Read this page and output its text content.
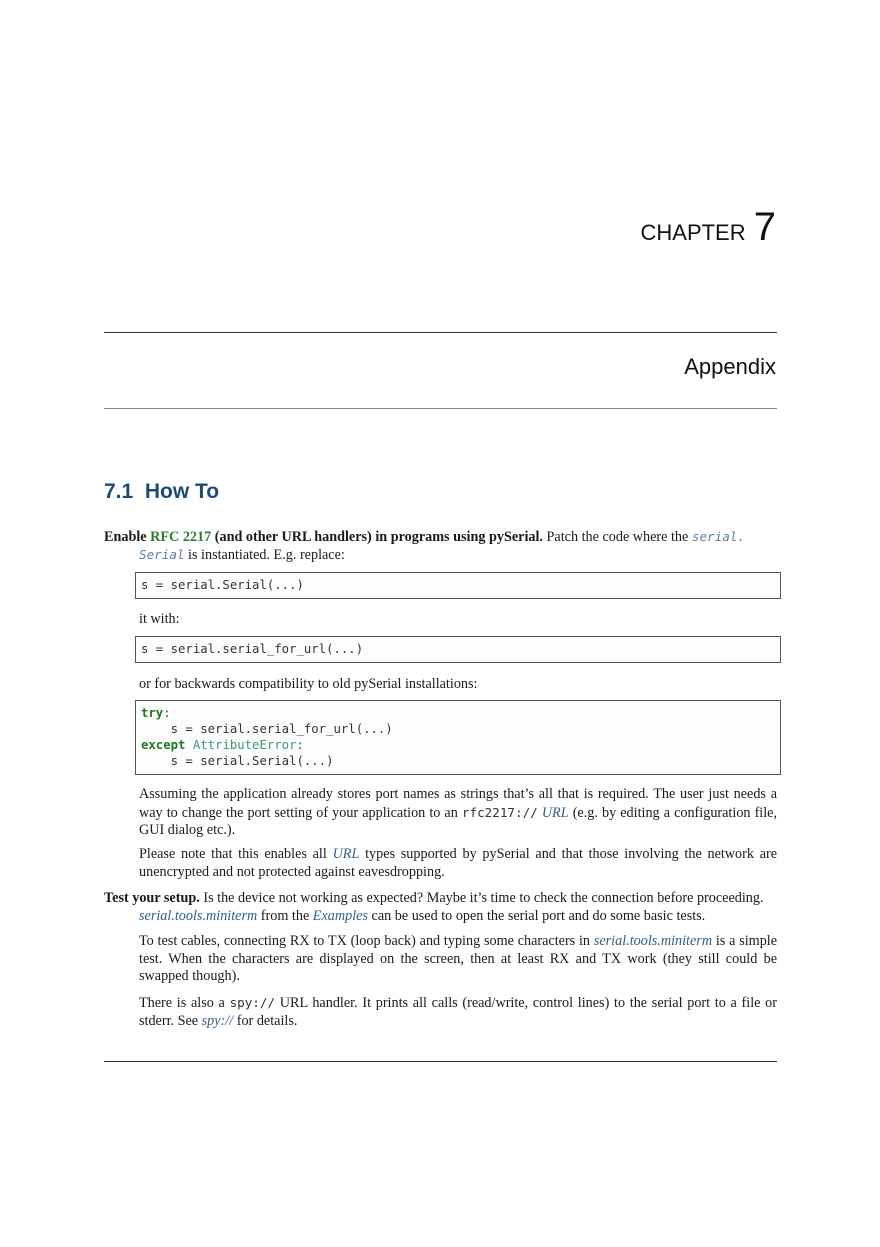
CHAPTER 7
Appendix
7.1 How To
Enable RFC 2217 (and other URL handlers) in programs using pySerial. Patch the code where the serial.
Serial is instantiated. E.g. replace:
s = serial.Serial(...)
it with:
s = serial.serial_for_url(...)
or for backwards compatibility to old pySerial installations:
try:
s = serial.serial_for_url(...)
except AttributeError:
s = serial.Serial(...)
Assuming the application already stores port names as strings that’s all that is required. The user just needs a way to change the port setting of your application to an rfc2217:// URL (e.g. by editing a configuration file, GUI dialog etc.).
Please note that this enables all URL types supported by pySerial and that those involving the network are unencrypted and not protected against eavesdropping.
Test your setup. Is the device not working as expected? Maybe it’s time to check the connection before proceeding.
serial.tools.miniterm from the Examples can be used to open the serial port and do some basic tests.
To test cables, connecting RX to TX (loop back) and typing some characters in serial.tools.miniterm is a simple test. When the characters are displayed on the screen, then at least RX and TX work (they still could be swapped though).
There is also a spy:// URL handler. It prints all calls (read/write, control lines) to the serial port to a file or stderr. See spy:// for details.
